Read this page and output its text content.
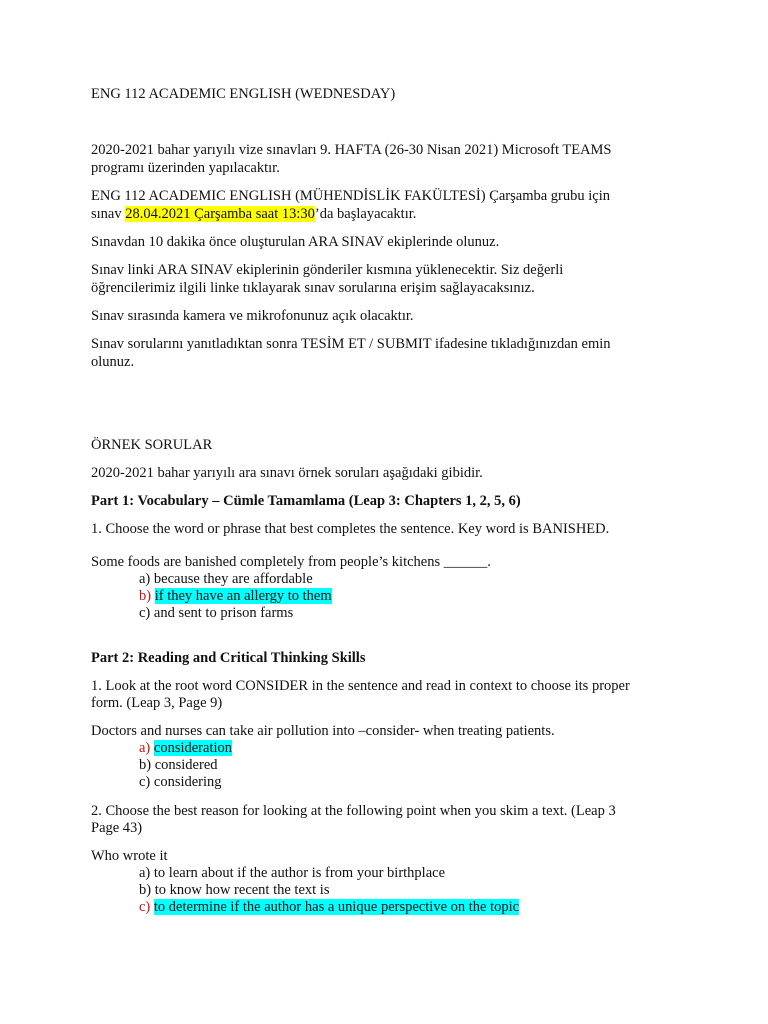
ENG 112 ACADEMIC ENGLISH (WEDNESDAY)
2020-2021 bahar yarıyılı vize sınavları 9. HAFTA (26-30 Nisan 2021) Microsoft TEAMS
programı üzerinden yapılacaktır.
ENG 112 ACADEMIC ENGLISH (MÜHENDİSLİK FAKÜLTESİ) Çarşamba grubu için
sınav 28.04.2021 Çarşamba saat 13:30’da başlayacaktır.
Sınavdan 10 dakika önce oluşturulan ARA SINAV ekiplerinde olunuz.
Sınav linki ARA SINAV ekiplerinin gönderiler kısmına yüklenecektir. Siz değerli
öğrencilerimiz ilgili linke tıklayarak sınav sorularına erişim sağlayacaksınız.
Sınav sırasında kamera ve mikrofonunuz açık olacaktır.
Sınav sorularını yanıtladıktan sonra TESİM ET / SUBMIT ifadesine tıkladığınızdan emin
olunuz.
ÖRNEK SORULAR
2020-2021 bahar yarıyılı ara sınavı örnek soruları aşağıdaki gibidir.
Part 1: Vocabulary – Cümle Tamamlama (Leap 3: Chapters 1, 2, 5, 6)
1. Choose the word or phrase that best completes the sentence. Key word is BANISHED.
Some foods are banished completely from people’s kitchens ______.
a) because they are affordable
b) if they have an allergy to them
c) and sent to prison farms
Part 2: Reading and Critical Thinking Skills
1. Look at the root word CONSIDER in the sentence and read in context to choose its proper
form. (Leap 3, Page 9)
Doctors and nurses can take air pollution into –consider- when treating patients.
a) consideration
b) considered
c) considering
2. Choose the best reason for looking at the following point when you skim a text. (Leap 3
Page 43)
Who wrote it
a) to learn about if the author is from your birthplace
b) to know how recent the text is
c) to determine if the author has a unique perspective on the topic
